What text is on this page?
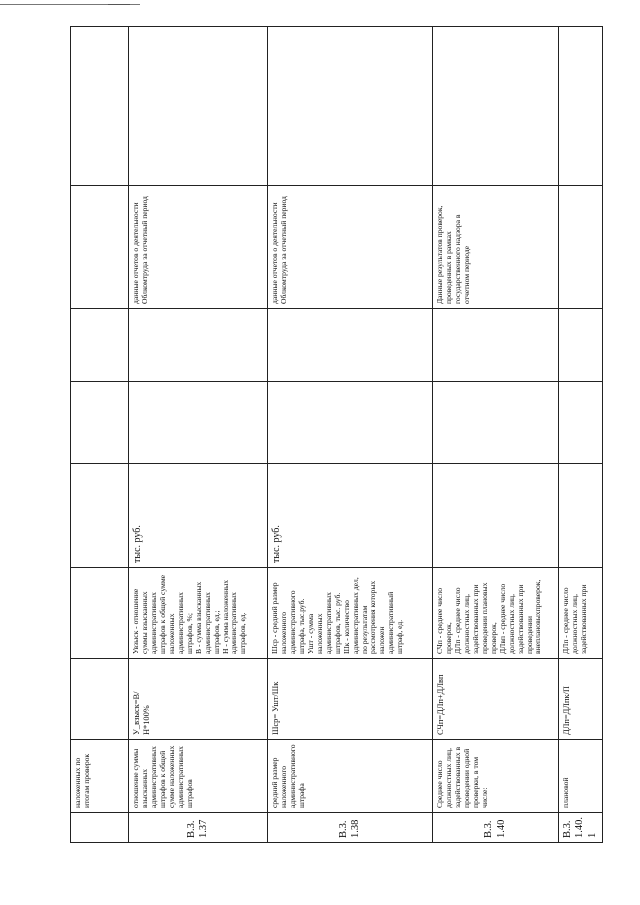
	наложенных по итогам проверок							
В.3.1.37	отношение суммы взысканных административных штрафов к общей сумме наложенных административных штрафов	У_взыск=В/Н*100%	Увзыск - отношение суммы взысканных административных штрафов к общей сумме наложенных административных штрафов, %;
В - сумма взысканных административных штрафов, ед.;
Н - сумма наложенных административных штрафов, ед.	тыс. руб.			данные отчетов о деятельности Облкомтруда за отчетный период	
В.3.1.38	средний размер наложенного административного штрафа	Шср= Ушт/Шк	Шср - средний размер наложенного административного штрафа, тыс.руб.
Ушт - сумма наложенных административных штрафов, тыс. руб.
Шк - количество административных дел, по результатам рассмотрения которых наложен административный штраф, ед.	тыс. руб.			данные отчетов о деятельности Облкомтруда за отчетный период	
В.3.1.40	Среднее число должностных лиц, задействованных в проведении одной проверки, в том числе:	СЧп=ДЛп+ДЛвп	СЧп - среднее число проверок,
ДЛп - среднее число должностных лиц, задействованных при проведении плановых проверок,
ДЛвп - среднее число должностных лиц, задействованных при проведении внеплановыхпроверок,				Данные результатов проверок, проведенных в рамках государственного надзора в отчетном периоде	
В.3.1.40.1	плановой	ДЛп=ДЛпк/П	ДЛп - среднее число должностных лиц, задействованных при					
